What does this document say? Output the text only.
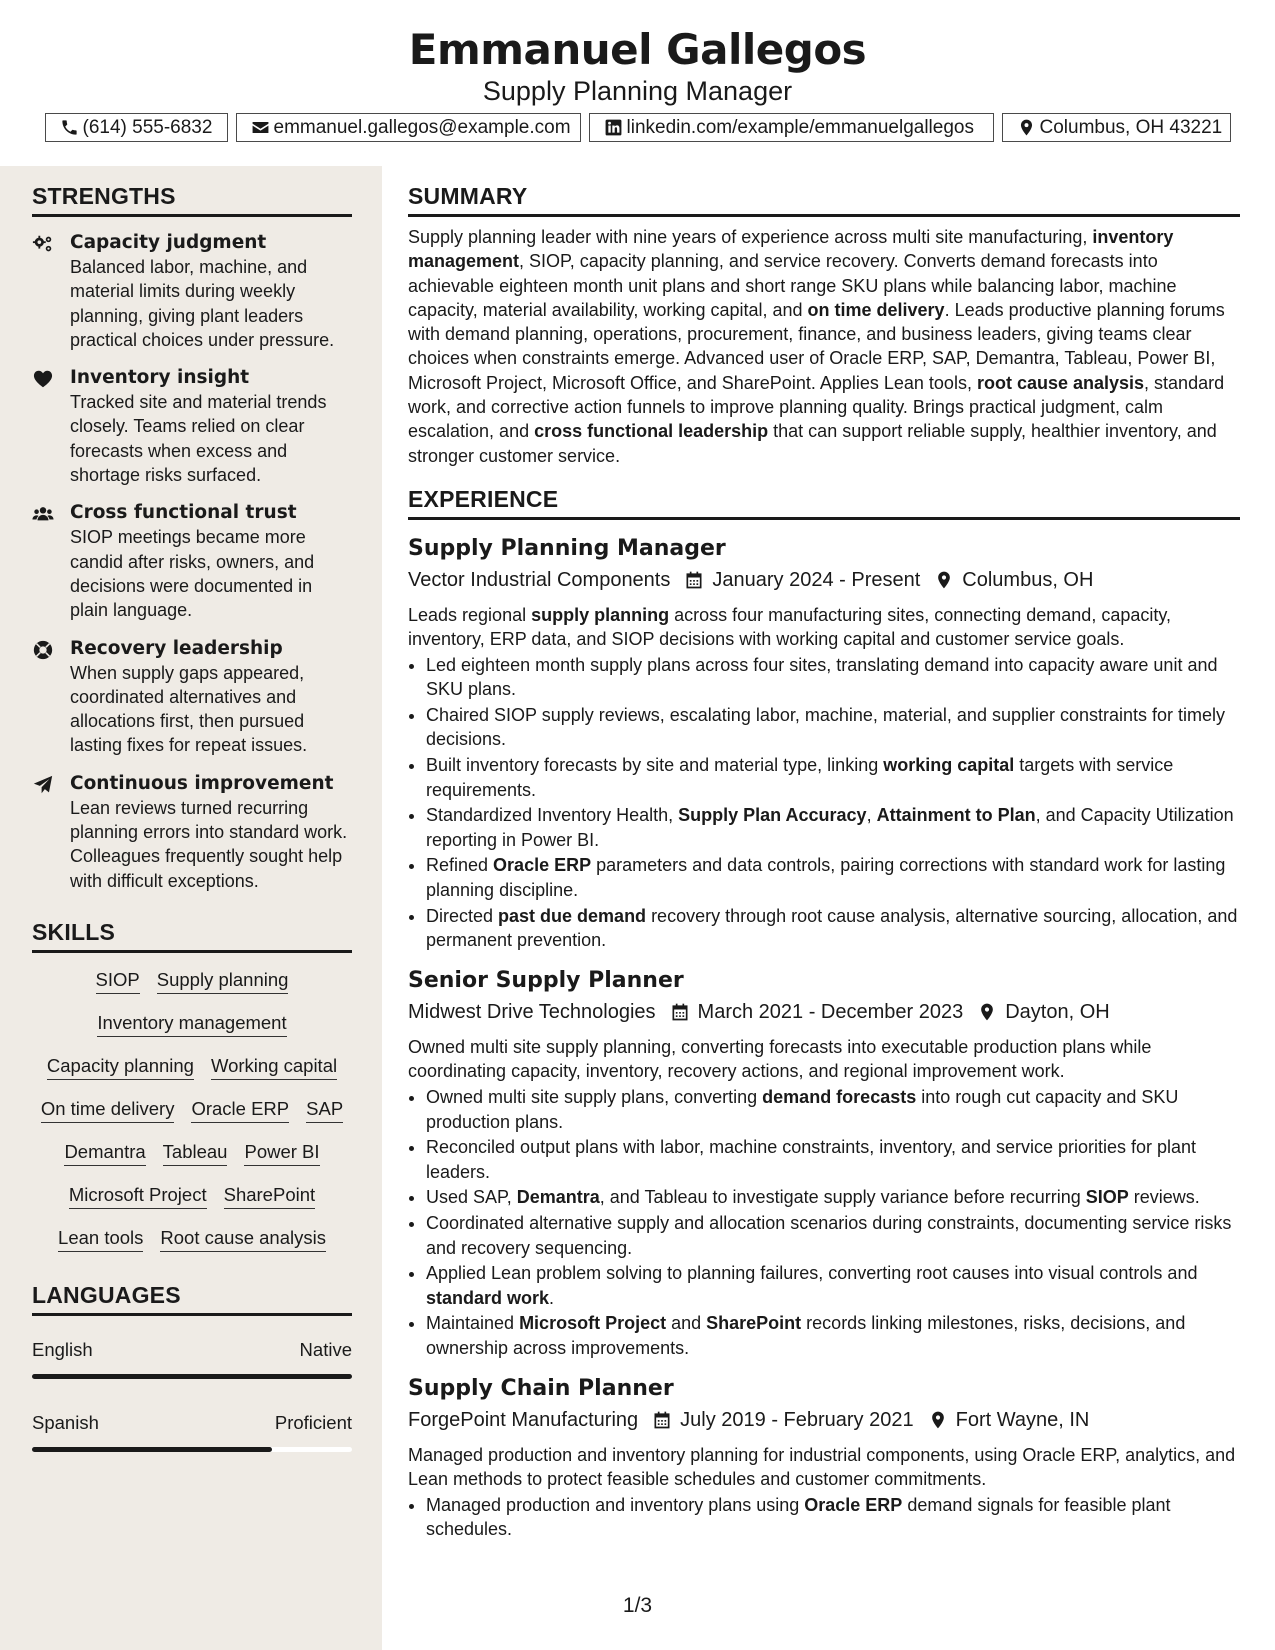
Emmanuel Gallegos
Supply Planning Manager
(614) 555-6832	emmanuel.gallegos@example.com	linkedin.com/example/emmanuelgallegos	Columbus, OH 43221
STRENGTHS
Capacity judgment
Balanced labor, machine, and material limits during weekly planning, giving plant leaders practical choices under pressure.
Inventory insight
Tracked site and material trends closely. Teams relied on clear forecasts when excess and shortage risks surfaced.
Cross functional trust
SIOP meetings became more candid after risks, owners, and decisions were documented in plain language.
Recovery leadership
When supply gaps appeared, coordinated alternatives and allocations first, then pursued lasting fixes for repeat issues.
Continuous improvement
Lean reviews turned recurring planning errors into standard work. Colleagues frequently sought help with difficult exceptions.
SKILLS
SIOP Supply planning
Inventory management
Capacity planning Working capital
On time delivery Oracle ERP SAP
Demantra Tableau Power BI
Microsoft Project SharePoint
Lean tools Root cause analysis
LANGUAGES
English	Native
Spanish	Proficient
SUMMARY
Supply planning leader with nine years of experience across multi site manufacturing, inventory management, SIOP, capacity planning, and service recovery. Converts demand forecasts into achievable eighteen month unit plans and short range SKU plans while balancing labor, machine capacity, material availability, working capital, and on time delivery. Leads productive planning forums with demand planning, operations, procurement, finance, and business leaders, giving teams clear choices when constraints emerge. Advanced user of Oracle ERP, SAP, Demantra, Tableau, Power BI, Microsoft Project, Microsoft Office, and SharePoint. Applies Lean tools, root cause analysis, standard work, and corrective action funnels to improve planning quality. Brings practical judgment, calm escalation, and cross functional leadership that can support reliable supply, healthier inventory, and stronger customer service.
EXPERIENCE
Supply Planning Manager
Vector Industrial Components January 2024 - Present Columbus, OH
Leads regional supply planning across four manufacturing sites, connecting demand, capacity, inventory, ERP data, and SIOP decisions with working capital and customer service goals.
• Led eighteen month supply plans across four sites, translating demand into capacity aware unit and SKU plans.
• Chaired SIOP supply reviews, escalating labor, machine, material, and supplier constraints for timely decisions.
• Built inventory forecasts by site and material type, linking working capital targets with service requirements.
• Standardized Inventory Health, Supply Plan Accuracy, Attainment to Plan, and Capacity Utilization reporting in Power BI.
• Refined Oracle ERP parameters and data controls, pairing corrections with standard work for lasting planning discipline.
• Directed past due demand recovery through root cause analysis, alternative sourcing, allocation, and permanent prevention.
Senior Supply Planner
Midwest Drive Technologies March 2021 - December 2023 Dayton, OH
Owned multi site supply planning, converting forecasts into executable production plans while coordinating capacity, inventory, recovery actions, and regional improvement work.
• Owned multi site supply plans, converting demand forecasts into rough cut capacity and SKU production plans.
• Reconciled output plans with labor, machine constraints, inventory, and service priorities for plant leaders.
• Used SAP, Demantra, and Tableau to investigate supply variance before recurring SIOP reviews.
• Coordinated alternative supply and allocation scenarios during constraints, documenting service risks and recovery sequencing.
• Applied Lean problem solving to planning failures, converting root causes into visual controls and standard work.
• Maintained Microsoft Project and SharePoint records linking milestones, risks, decisions, and ownership across improvements.
Supply Chain Planner
ForgePoint Manufacturing July 2019 - February 2021 Fort Wayne, IN
Managed production and inventory planning for industrial components, using Oracle ERP, analytics, and Lean methods to protect feasible schedules and customer commitments.
• Managed production and inventory plans using Oracle ERP demand signals for feasible plant schedules.
1/3
